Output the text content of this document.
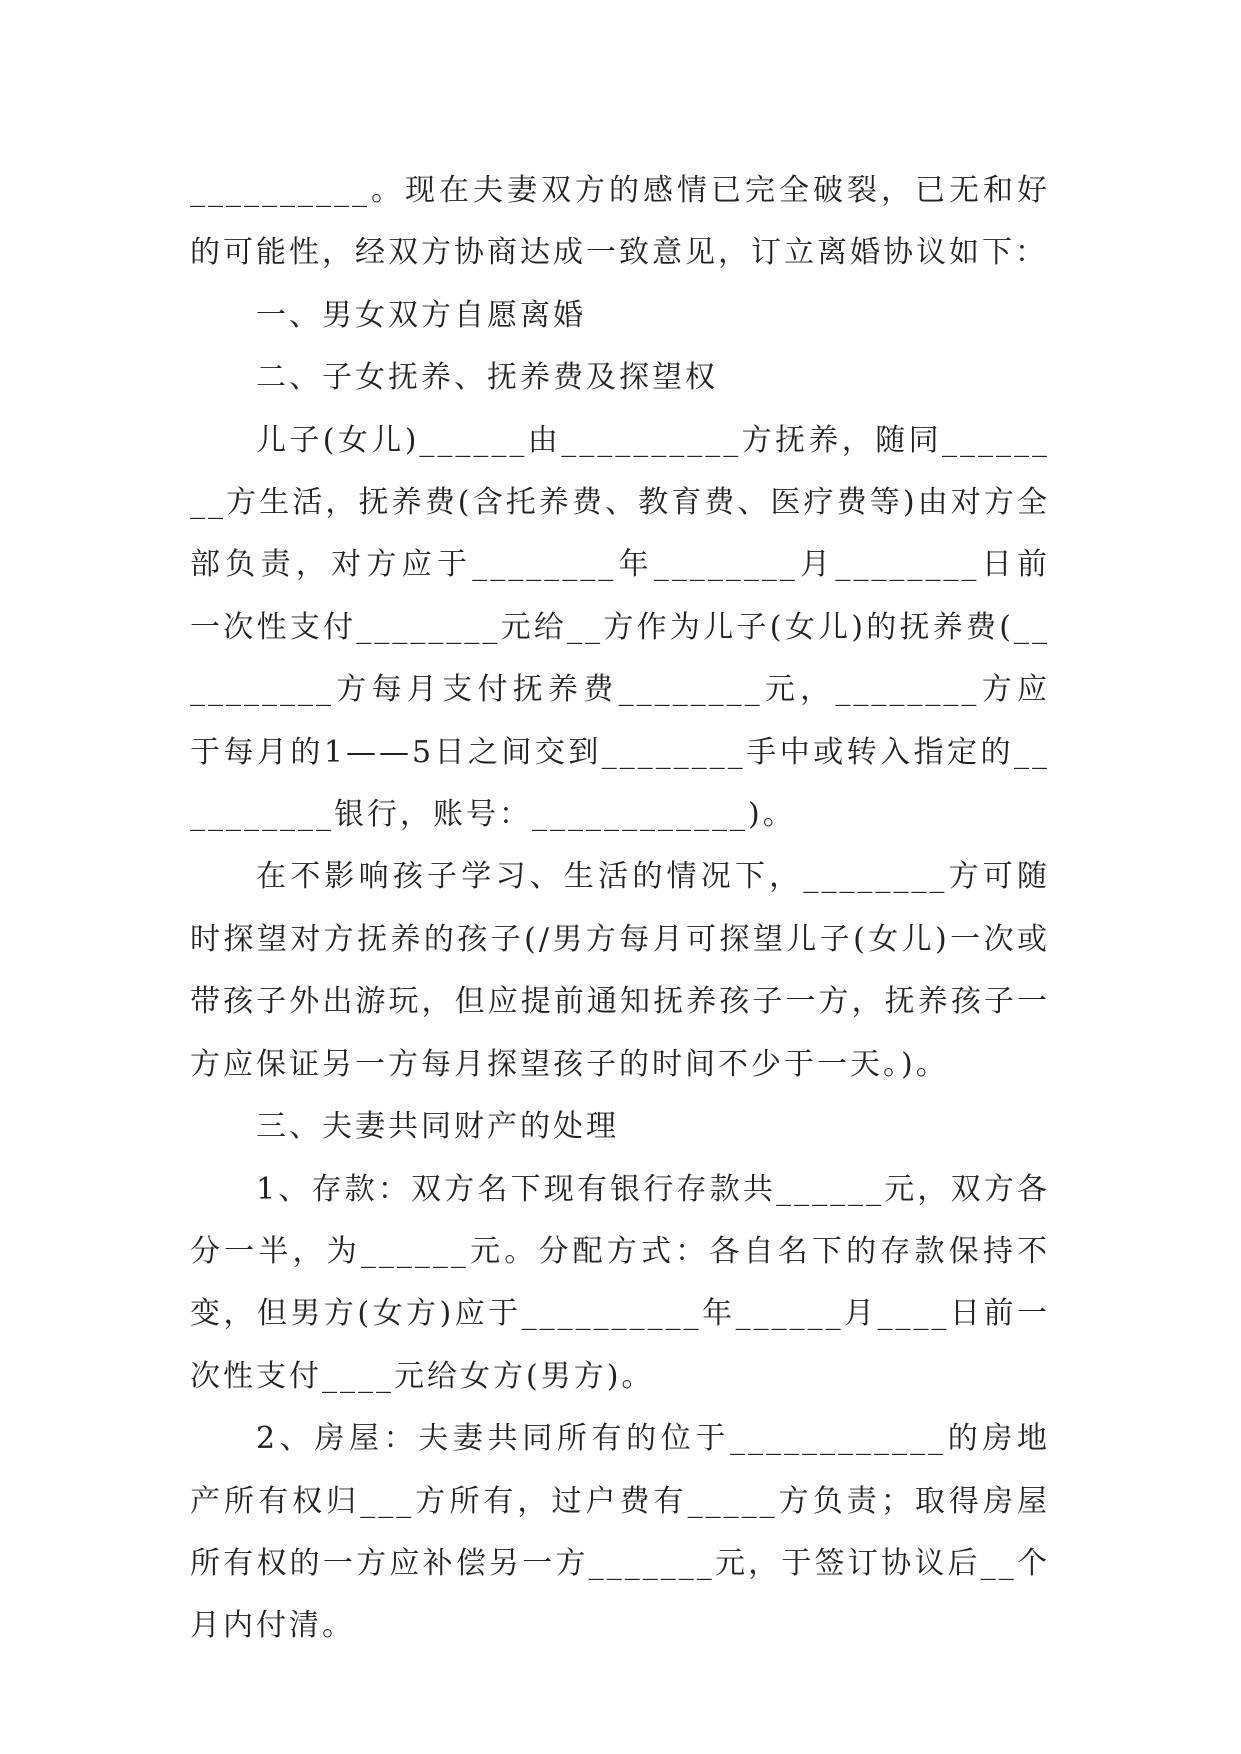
__________。现在夫妻双方的感情已完全破裂，已无和好的可能性，经双方协商达成一致意见，订立离婚协议如下：

一、男女双方自愿离婚

二、子女抚养、抚养费及探望权

儿子(女儿)______由__________方抚养，随同________方生活，抚养费(含托养费、教育费、医疗费等)由对方全部负责，对方应于________年________月________日前一次性支付________元给__方作为儿子(女儿)的抚养费(__________方每月支付抚养费________元，________方应于每月的1——5日之间交到________手中或转入指定的__________银行，账号：____________)。

在不影响孩子学习、生活的情况下，________方可随时探望对方抚养的孩子(/男方每月可探望儿子(女儿)一次或带孩子外出游玩，但应提前通知抚养孩子一方，抚养孩子一方应保证另一方每月探望孩子的时间不少于一天。)。

三、夫妻共同财产的处理

1、存款：双方名下现有银行存款共______元，双方各分一半，为______元。分配方式：各自名下的存款保持不变，但男方(女方)应于__________年______月____日前一次性支付____元给女方(男方)。

2、房屋：夫妻共同所有的位于____________的房地产所有权归___方所有，过户费有_____方负责；取得房屋所有权的一方应补偿另一方_______元，于签订协议后__个月内付清。
